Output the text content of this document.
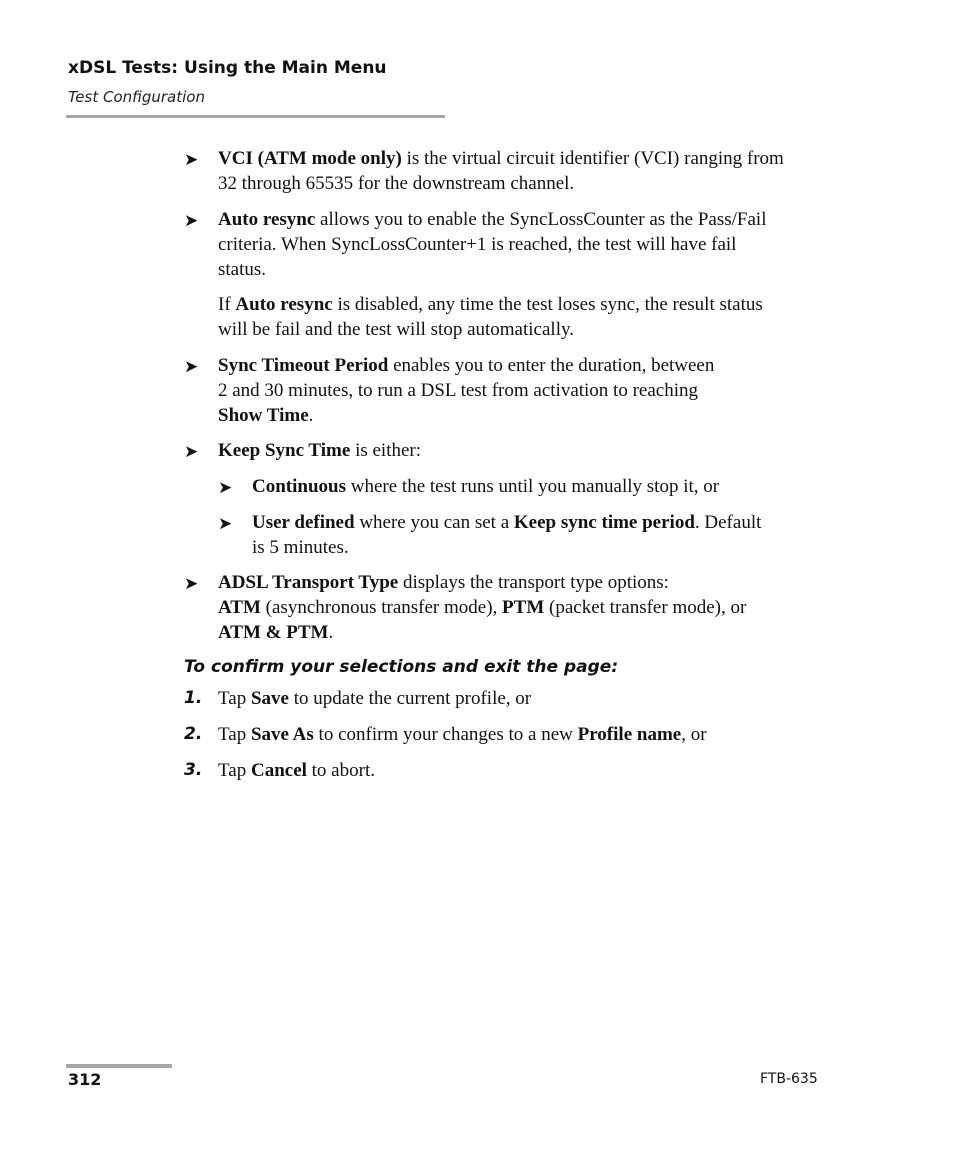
xDSL Tests: Using the Main Menu
Test Configuration
➤ VCI (ATM mode only) is the virtual circuit identifier (VCI) ranging from
32 through 65535 for the downstream channel.
➤ Auto resync allows you to enable the SyncLossCounter as the Pass/Fail
criteria. When SyncLossCounter+1 is reached, the test will have fail
status.
If Auto resync is disabled, any time the test loses sync, the result status
will be fail and the test will stop automatically.
➤ Sync Timeout Period enables you to enter the duration, between
2 and 30 minutes, to run a DSL test from activation to reaching
Show Time.
➤ Keep Sync Time is either:
➤ Continuous where the test runs until you manually stop it, or
➤ User defined where you can set a Keep sync time period. Default
is 5 minutes.
➤ ADSL Transport Type displays the transport type options:
ATM (asynchronous transfer mode), PTM (packet transfer mode), or
ATM & PTM.
To confirm your selections and exit the page:
1. Tap Save to update the current profile, or
2. Tap Save As to confirm your changes to a new Profile name, or
3. Tap Cancel to abort.
312	FTB-635
